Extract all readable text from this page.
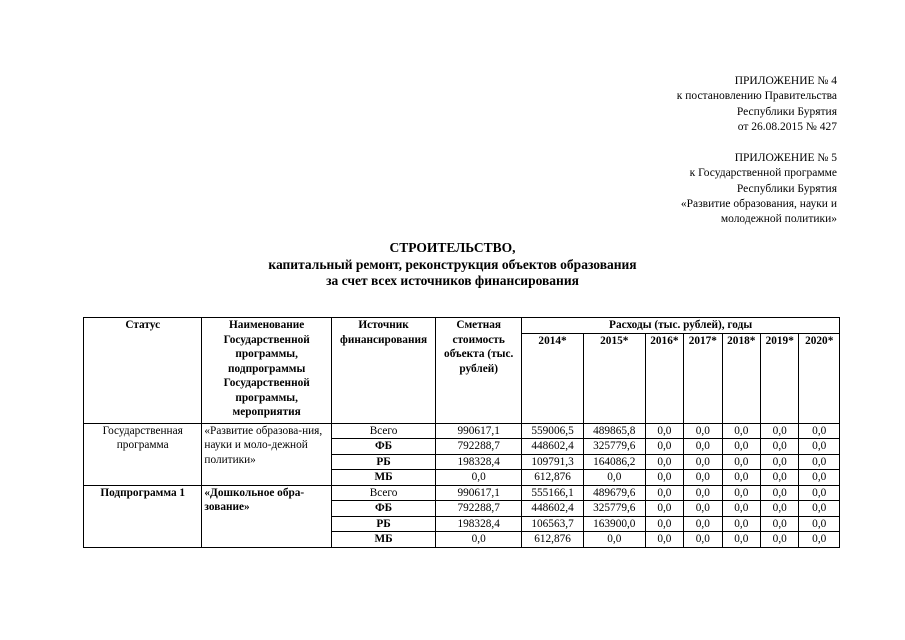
ПРИЛОЖЕНИЕ № 4
к постановлению Правительства
Республики Бурятия
от 26.08.2015 № 427
ПРИЛОЖЕНИЕ № 5
к Государственной программе
Республики Бурятия
«Развитие образования, науки и
молодежной политики»
СТРОИТЕЛЬСТВО,
капитальный ремонт, реконструкция объектов образования
за счет всех источников финансирования
Статус	Наименование Государственной программы, подпрограммы Государственной программы, мероприятия	Источник финансирования	Сметная стоимость объекта (тыс. рублей)	Расходы (тыс. рублей), годы						
				2014*	2015*	2016*	2017*	2018*	2019*	2020*
Государственная программа	«Развитие образова-ния, науки и моло-дежной политики»	Всего	990617,1	559006,5	489865,8	0,0	0,0	0,0	0,0	0,0
		ФБ	792288,7	448602,4	325779,6	0,0	0,0	0,0	0,0	0,0
		РБ	198328,4	109791,3	164086,2	0,0	0,0	0,0	0,0	0,0
		МБ	0,0	612,876	0,0	0,0	0,0	0,0	0,0	0,0
Подпрограмма 1	«Дошкольное обра-зование»	Всего	990617,1	555166,1	489679,6	0,0	0,0	0,0	0,0	0,0
		ФБ	792288,7	448602,4	325779,6	0,0	0,0	0,0	0,0	0,0
		РБ	198328,4	106563,7	163900,0	0,0	0,0	0,0	0,0	0,0
		МБ	0,0	612,876	0,0	0,0	0,0	0,0	0,0	0,0
